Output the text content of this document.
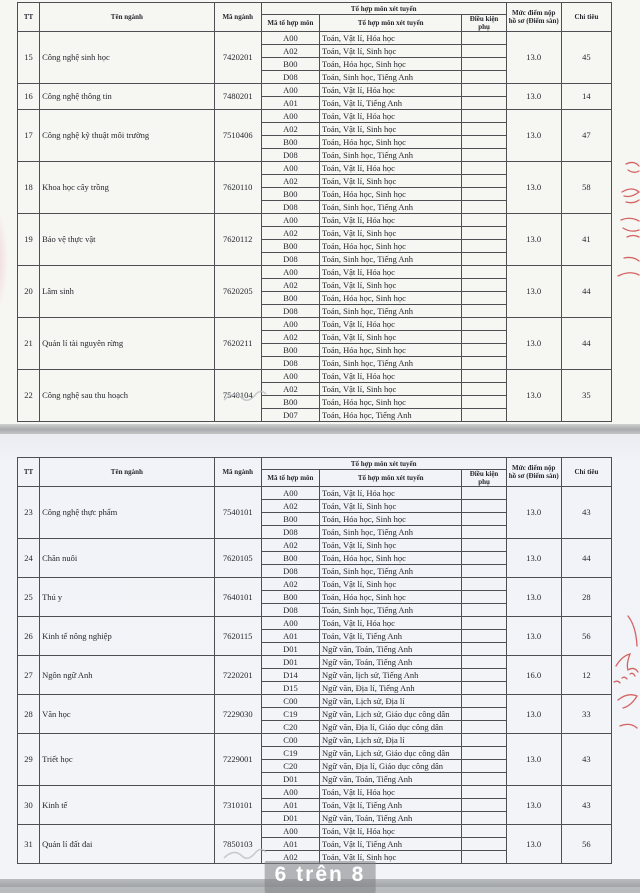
TT	Tên ngành	Mã ngành	Tổ hợp môn xét tuyển			Mức điểm nộp hồ sơ (Điểm sàn)	Chỉ tiêu
			Mã tổ hợp môn	Tổ hợp môn xét tuyển	Điều kiện phụ		
15	Công nghệ sinh học	7420201	A00	Toán, Vật lí, Hóa học		13.0	45
			A02	Toán, Vật lí, Sinh học			
			B00	Toán, Hóa học, Sinh học			
			D08	Toán, Sinh học, Tiếng Anh			
16	Công nghệ thông tin	7480201	A00	Toán, Vật lí, Hóa học		13.0	14
			A01	Toán, Vật lí, Tiếng Anh			
17	Công nghệ kỹ thuật môi trường	7510406	A00	Toán, Vật lí, Hóa học		13.0	47
			A02	Toán, Vật lí, Sinh học			
			B00	Toán, Hóa học, Sinh học			
			D08	Toán, Sinh học, Tiếng Anh			
18	Khoa học cây trồng	7620110	A00	Toán, Vật lí, Hóa học		13.0	58
			A02	Toán, Vật lí, Sinh học			
			B00	Toán, Hóa học, Sinh học			
			D08	Toán, Sinh học, Tiếng Anh			
19	Bảo vệ thực vật	7620112	A00	Toán, Vật lí, Hóa học		13.0	41
			A02	Toán, Vật lí, Sinh học			
			B00	Toán, Hóa học, Sinh học			
			D08	Toán, Sinh học, Tiếng Anh			
20	Lâm sinh	7620205	A00	Toán, Vật lí, Hóa học		13.0	44
			A02	Toán, Vật lí, Sinh học			
			B00	Toán, Hóa học, Sinh học			
			D08	Toán, Sinh học, Tiếng Anh			
21	Quản lí tài nguyên rừng	7620211	A00	Toán, Vật lí, Hóa học		13.0	44
			A02	Toán, Vật lí, Sinh học			
			B00	Toán, Hóa học, Sinh học			
			D08	Toán, Sinh học, Tiếng Anh			
22	Công nghệ sau thu hoạch	7540104	A00	Toán, Vật lí, Hóa học		13.0	35
			A02	Toán, Vật lí, Sinh học			
			B00	Toán, Hóa học, Sinh học			
			D07	Toán, Hóa học, Tiếng Anh			
TT	Tên ngành	Mã ngành	Tổ hợp môn xét tuyển			Mức điểm nộp hồ sơ (Điểm sàn)	Chỉ tiêu
			Mã tổ hợp môn	Tổ hợp môn xét tuyển	Điều kiện phụ		
23	Công nghệ thực phẩm	7540101	A00	Toán, Vật lí, Hóa học		13.0	43
			A02	Toán, Vật lí, Sinh học			
			B00	Toán, Hóa học, Sinh học			
			D08	Toán, Sinh học, Tiếng Anh			
24	Chăn nuôi	7620105	A02	Toán, Vật lí, Sinh học		13.0	44
			B00	Toán, Hóa học, Sinh học			
			D08	Toán, Sinh học, Tiếng Anh			
25	Thú y	7640101	A02	Toán, Vật lí, Sinh học		13.0	28
			B00	Toán, Hóa học, Sinh học			
			D08	Toán, Sinh học, Tiếng Anh			
26	Kinh tế nông nghiệp	7620115	A00	Toán, Vật lí, Hóa học		13.0	56
			A01	Toán, Vật lí, Tiếng Anh			
			D01	Ngữ văn, Toán, Tiếng Anh			
27	Ngôn ngữ Anh	7220201	D01	Ngữ văn, Toán, Tiếng Anh		16.0	12
			D14	Ngữ văn, lịch sử, Tiếng Anh			
			D15	Ngữ văn, Địa lí, Tiếng Anh			
28	Văn học	7229030	C00	Ngữ văn, Lịch sử, Địa lí		13.0	33
			C19	Ngữ văn, Lịch sử, Giáo dục công dân			
			C20	Ngữ văn, Địa lí, Giáo dục công dân			
29	Triết học	7229001	C00	Ngữ văn, Lịch sử, Địa lí		13.0	43
			C19	Ngữ văn, Lịch sử, Giáo dục công dân			
			C20	Ngữ văn, Địa lí, Giáo dục công dân			
			D01	Ngữ văn, Toán, Tiếng Anh			
30	Kinh tế	7310101	A00	Toán, Vật lí, Hóa học		13.0	43
			A01	Toán, Vật lí, Tiếng Anh			
			D01	Ngữ văn, Toán, Tiếng Anh			
31	Quản lí đất đai	7850103	A00	Toán, Vật lí, Hóa học		13.0	56
			A01	Toán, Vật lí, Tiếng Anh			
			A02	Toán, Vật lí, Sinh học			
6 trên 8
